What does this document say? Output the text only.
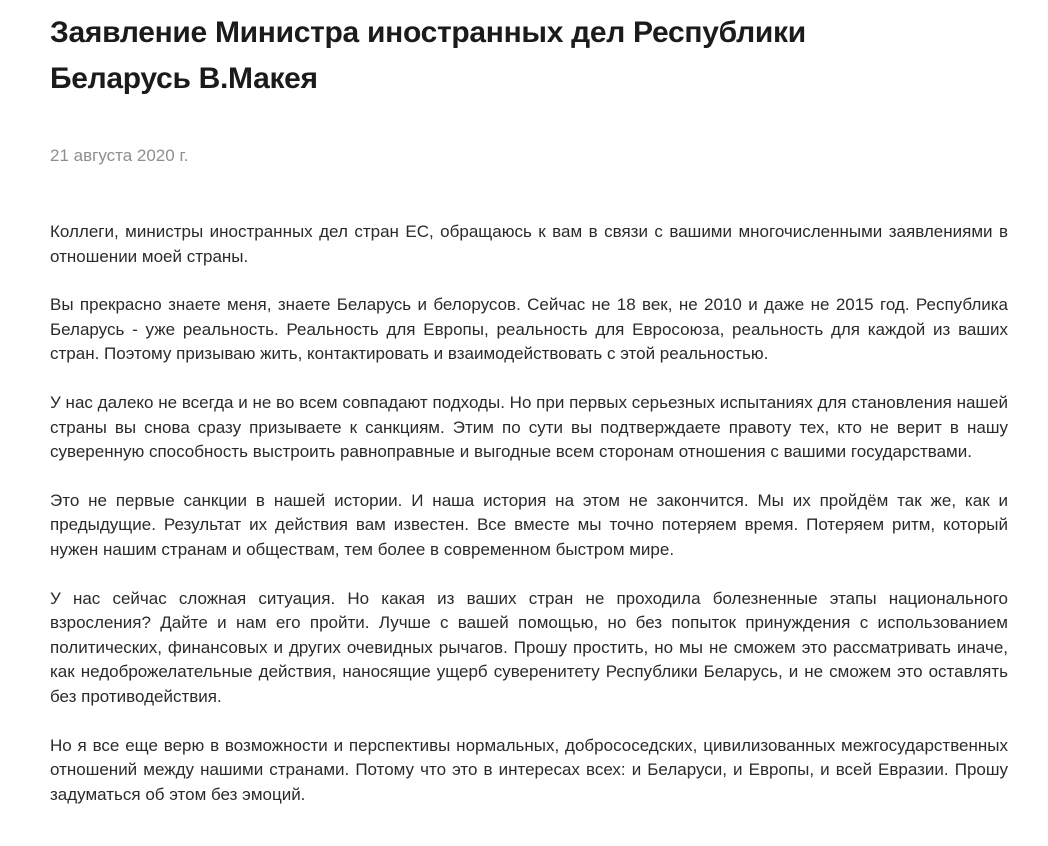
Заявление Министра иностранных дел Республики Беларусь В.Макея
21 августа 2020 г.

Коллеги, министры иностранных дел стран ЕС, обращаюсь к вам в связи с вашими многочисленными заявлениями в отношении моей страны.

Вы прекрасно знаете меня, знаете Беларусь и белорусов. Сейчас не 18 век, не 2010 и даже не 2015 год. Республика Беларусь - уже реальность. Реальность для Европы, реальность для Евросоюза, реальность для каждой из ваших стран. Поэтому призываю жить, контактировать и взаимодействовать с этой реальностью.

У нас далеко не всегда и не во всем совпадают подходы. Но при первых серьезных испытаниях для становления нашей страны вы снова сразу призываете к санкциям. Этим по сути вы подтверждаете правоту тех, кто не верит в нашу суверенную способность выстроить равноправные и выгодные всем сторонам отношения с вашими государствами.

Это не первые санкции в нашей истории. И наша история на этом не закончится. Мы их пройдём так же, как и предыдущие. Результат их действия вам известен. Все вместе мы точно потеряем время. Потеряем ритм, который нужен нашим странам и обществам, тем более в современном быстром мире.

У нас сейчас сложная ситуация. Но какая из ваших стран не проходила болезненные этапы национального взросления? Дайте и нам его пройти. Лучше с вашей помощью, но без попыток принуждения с использованием политических, финансовых и других очевидных рычагов. Прошу простить, но мы не сможем это рассматривать иначе, как недоброжелательные действия, наносящие ущерб суверенитету Республики Беларусь, и не сможем это оставлять без противодействия.

Но я все еще верю в возможности и перспективы нормальных, добрососедских, цивилизованных межгосударственных отношений между нашими странами. Потому что это в интересах всех: и Беларуси, и Европы, и всей Евразии. Прошу задуматься об этом без эмоций.
